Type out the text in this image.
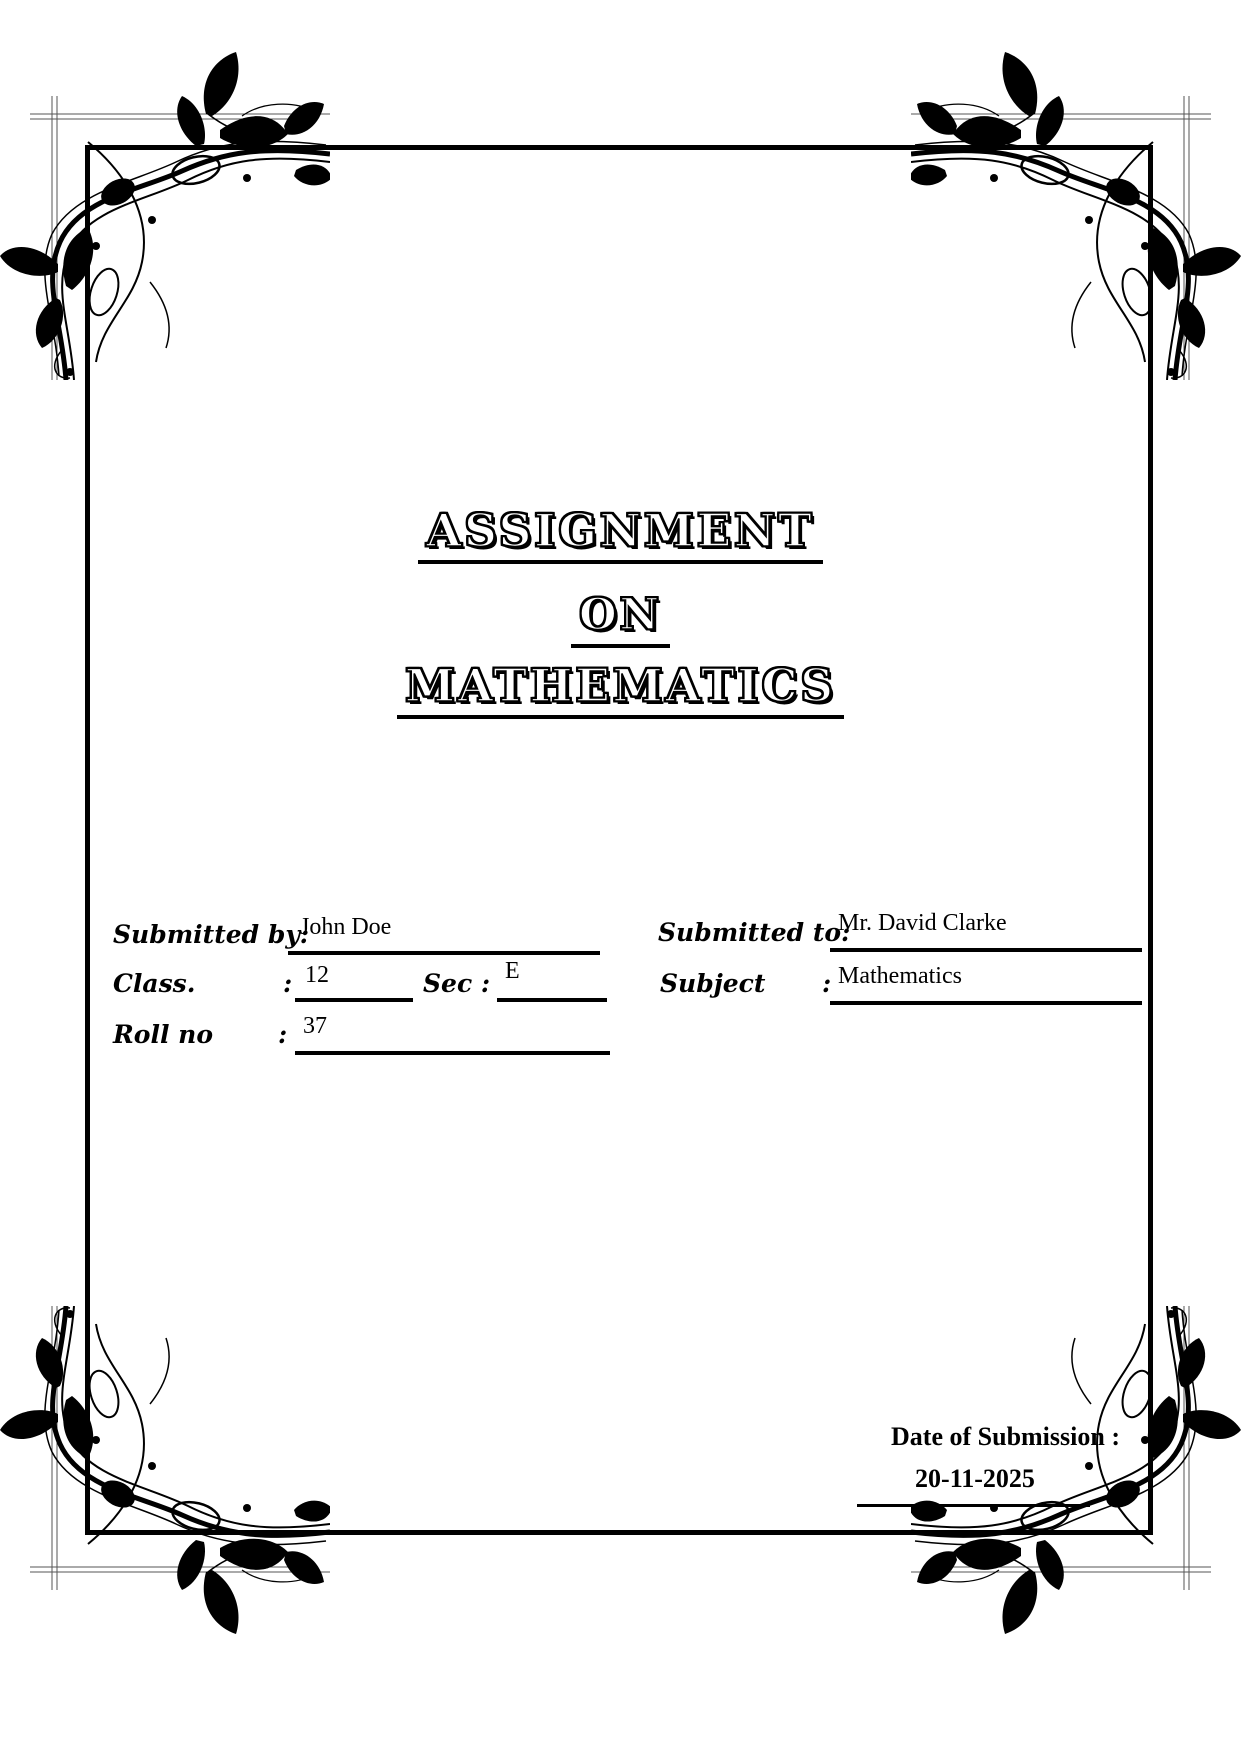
ASSIGNMENT
ON
MATHEMATICS
Submitted by:
John Doe	Submitted to:
Mr. David Clarke
Class.	: 12	Sec : E	Subject : Mathematics
Roll no	: 37
Date of Submission :
20-11-2025
